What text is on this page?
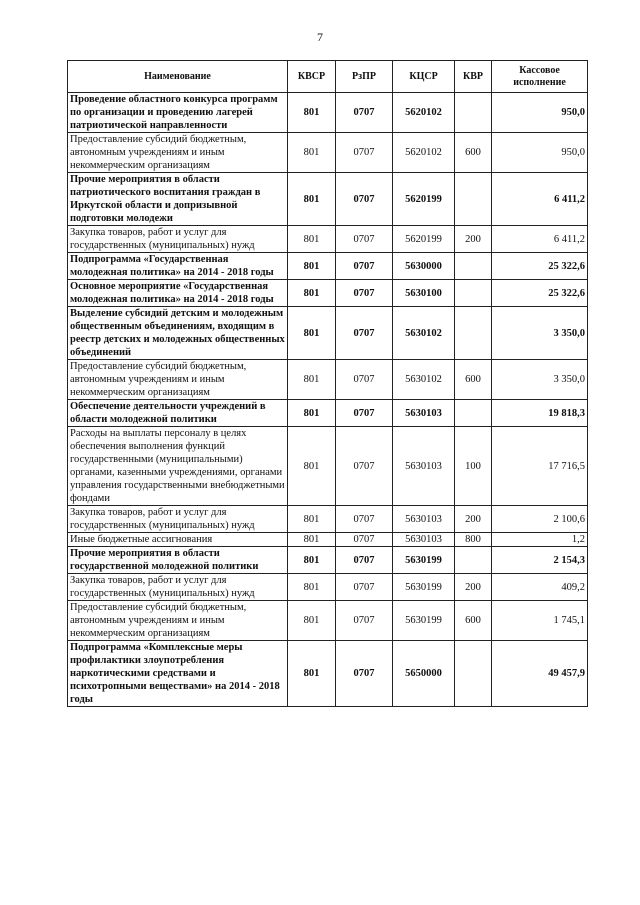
7
Наименование	КВСР	РзПР	КЦСР	КВР	Кассовое исполнение
Проведение областного конкурса программ по организации и проведению лагерей патриотической направленности	801	0707	5620102		950,0
Предоставление субсидий бюджетным, автономным учреждениям и иным некоммерческим организациям	801	0707	5620102	600	950,0
Прочие мероприятия в области патриотического воспитания граждан в Иркутской области и допризывной подготовки молодежи	801	0707	5620199		6 411,2
Закупка товаров, работ и услуг для государственных (муниципальных) нужд	801	0707	5620199	200	6 411,2
Подпрограмма «Государственная молодежная политика» на 2014 - 2018 годы	801	0707	5630000		25 322,6
Основное мероприятие «Государственная молодежная политика» на 2014 - 2018 годы	801	0707	5630100		25 322,6
Выделение субсидий детским и молодежным общественным объединениям, входящим в реестр детских и молодежных общественных объединений	801	0707	5630102		3 350,0
Предоставление субсидий бюджетным, автономным учреждениям и иным некоммерческим организациям	801	0707	5630102	600	3 350,0
Обеспечение деятельности учреждений в области молодежной политики	801	0707	5630103		19 818,3
Расходы на выплаты персоналу в целях обеспечения выполнения функций государственными (муниципальными) органами, казенными учреждениями, органами управления государственными внебюджетными фондами	801	0707	5630103	100	17 716,5
Закупка товаров, работ и услуг для государственных (муниципальных) нужд	801	0707	5630103	200	2 100,6
Иные бюджетные ассигнования	801	0707	5630103	800	1,2
Прочие мероприятия в области государственной молодежной политики	801	0707	5630199		2 154,3
Закупка товаров, работ и услуг для государственных (муниципальных) нужд	801	0707	5630199	200	409,2
Предоставление субсидий бюджетным, автономным учреждениям и иным некоммерческим организациям	801	0707	5630199	600	1 745,1
Подпрограмма «Комплексные меры профилактики злоупотребления наркотическими средствами и психотропными веществами» на 2014 - 2018 годы	801	0707	5650000		49 457,9
